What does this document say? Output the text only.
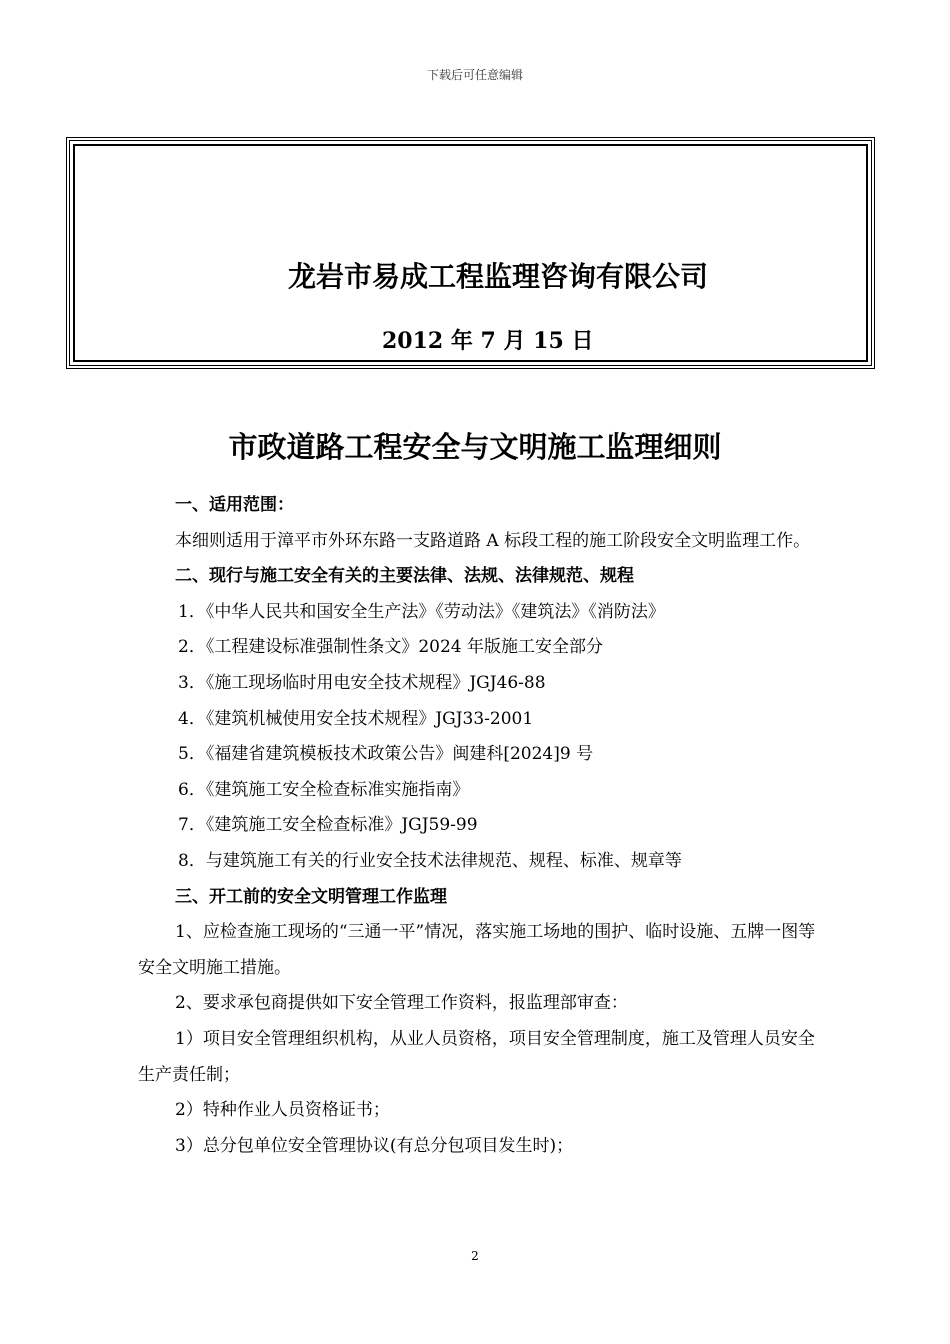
下载后可任意编辑
龙岩市易成工程监理咨询有限公司
2012 年 7 月 15 日
市政道路工程安全与文明施工监理细则

一、适用范围：

本细则适用于漳平市外环东路一支路道路 A 标段工程的施工阶段安全文明监理工作。

二、现行与施工安全有关的主要法律、法规、法律规范、规程

1．《中华人民共和国安全生产法》《劳动法》《建筑法》《消防法》

2．《工程建设标准强制性条文》2024 年版施工安全部分

3．《施工现场临时用电安全技术规程》JGJ46-88

4．《建筑机械使用安全技术规程》JGJ33-2001

5．《福建省建筑模板技术政策公告》闽建科[2024]9 号

6．《建筑施工安全检查标准实施指南》

7．《建筑施工安全检查标准》JGJ59-99

8．与建筑施工有关的行业安全技术法律规范、规程、标准、规章等

三、开工前的安全文明管理工作监理

1、应检查施工现场的“三通一平”情况，落实施工场地的围护、临时设施、五牌一图等安全文明施工措施。

2、要求承包商提供如下安全管理工作资料，报监理部审查：

1）项目安全管理组织机构，从业人员资格，项目安全管理制度，施工及管理人员安全生产责任制；

2）特种作业人员资格证书；

3）总分包单位安全管理协议(有总分包项目发生时)；

2
